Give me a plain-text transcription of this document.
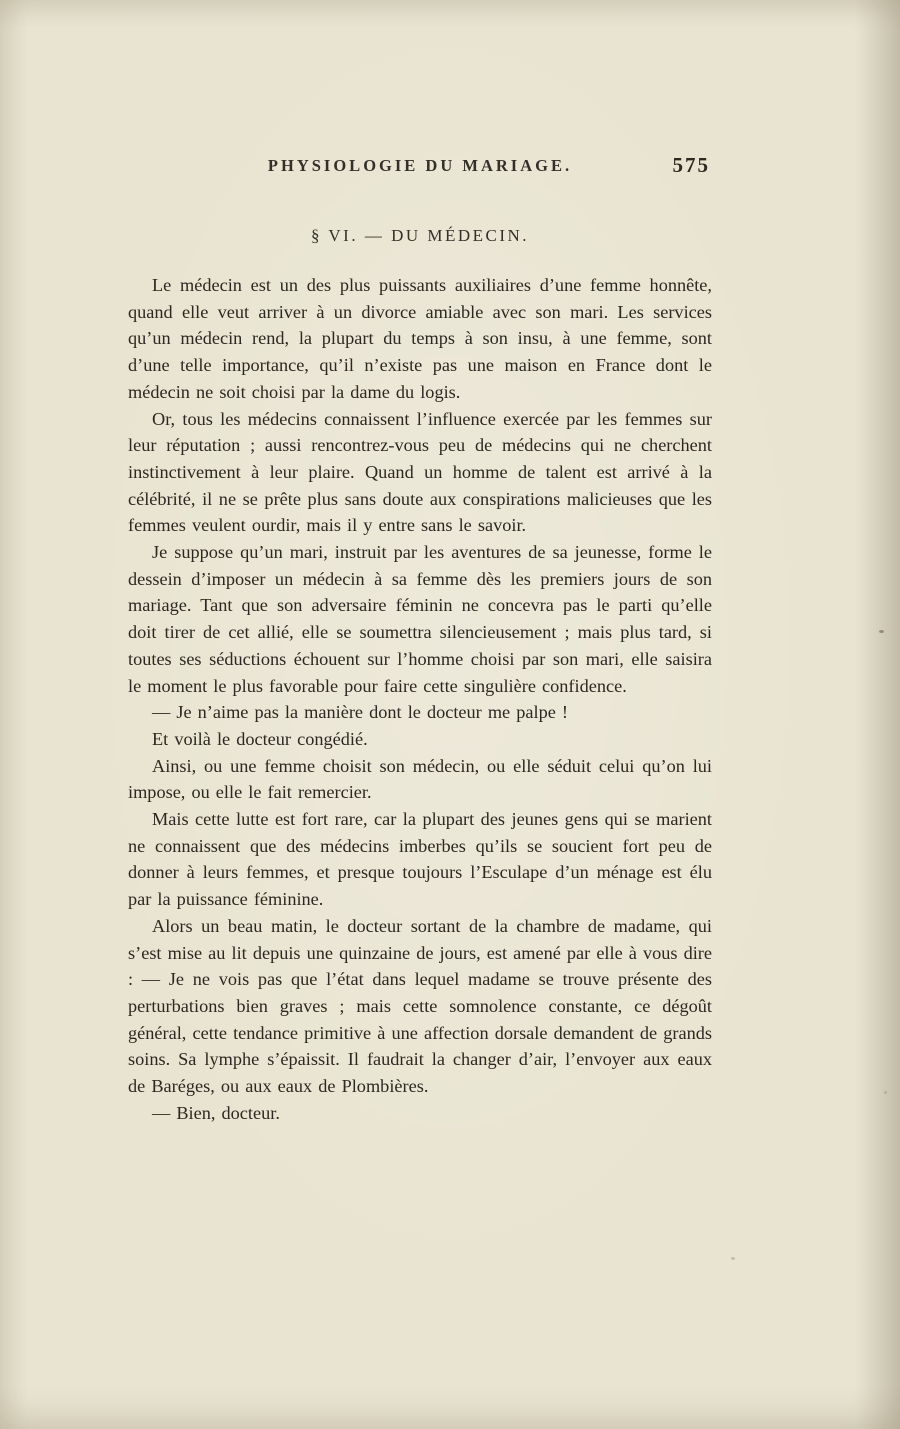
PHYSIOLOGIE DU MARIAGE.	575
§ VI. — DU MÉDECIN.

Le médecin est un des plus puissants auxiliaires d’une femme honnête, quand elle veut arriver à un divorce amiable avec son mari. Les services qu’un médecin rend, la plupart du temps à son insu, à une femme, sont d’une telle importance, qu’il n’existe pas une maison en France dont le médecin ne soit choisi par la dame du logis.

Or, tous les médecins connaissent l’influence exercée par les femmes sur leur réputation ; aussi rencontrez-vous peu de médecins qui ne cherchent instinctivement à leur plaire. Quand un homme de talent est arrivé à la célébrité, il ne se prête plus sans doute aux conspirations malicieuses que les femmes veulent ourdir, mais il y entre sans le savoir.

Je suppose qu’un mari, instruit par les aventures de sa jeunesse, forme le dessein d’imposer un médecin à sa femme dès les premiers jours de son mariage. Tant que son adversaire féminin ne concevra pas le parti qu’elle doit tirer de cet allié, elle se soumettra silencieusement ; mais plus tard, si toutes ses séductions échouent sur l’homme choisi par son mari, elle saisira le moment le plus favorable pour faire cette singulière confidence.

— Je n’aime pas la manière dont le docteur me palpe !

Et voilà le docteur congédié.

Ainsi, ou une femme choisit son médecin, ou elle séduit celui qu’on lui impose, ou elle le fait remercier.

Mais cette lutte est fort rare, car la plupart des jeunes gens qui se marient ne connaissent que des médecins imberbes qu’ils se soucient fort peu de donner à leurs femmes, et presque toujours l’Esculape d’un ménage est élu par la puissance féminine.

Alors un beau matin, le docteur sortant de la chambre de madame, qui s’est mise au lit depuis une quinzaine de jours, est amené par elle à vous dire : — Je ne vois pas que l’état dans lequel madame se trouve présente des perturbations bien graves ; mais cette somnolence constante, ce dégoût général, cette tendance primitive à une affection dorsale demandent de grands soins. Sa lymphe s’épaissit. Il faudrait la changer d’air, l’envoyer aux eaux de Baréges, ou aux eaux de Plombières.

— Bien, docteur.
